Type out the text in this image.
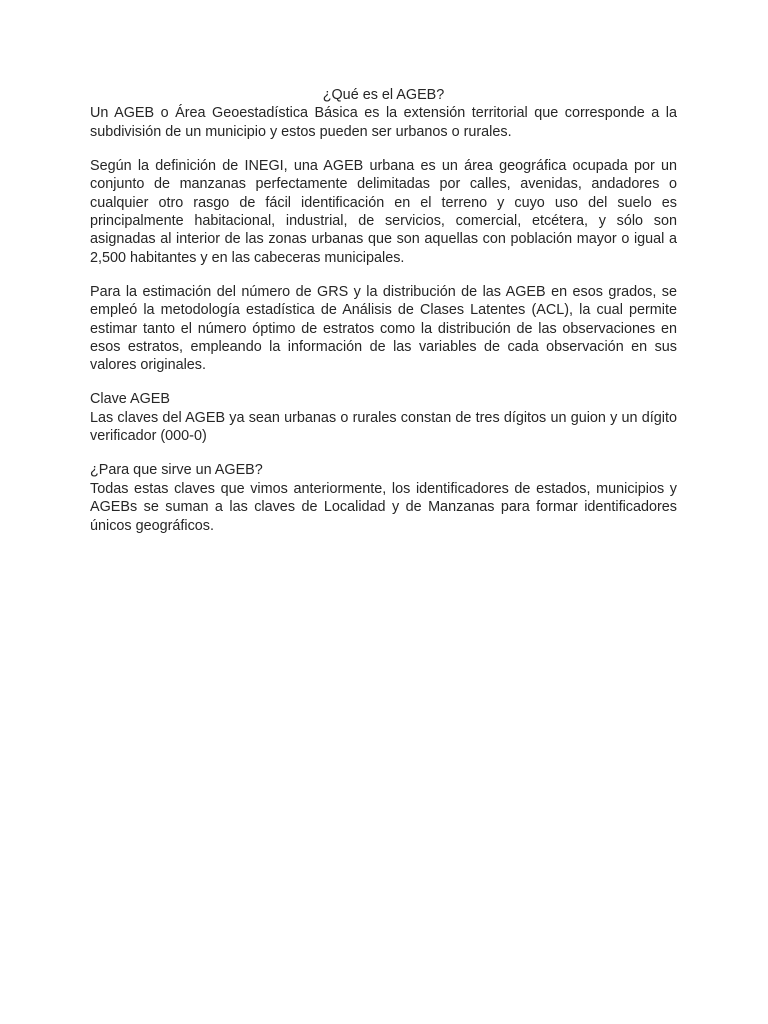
¿Qué es el AGEB?

Un AGEB o Área Geoestadística Básica es la extensión territorial que corresponde a la
subdivisión de un municipio y estos pueden ser urbanos o rurales.

Según la definición de INEGI, una AGEB urbana es un área geográfica ocupada por un
conjunto de manzanas perfectamente delimitadas por calles, avenidas, andadores o
cualquier otro rasgo de fácil identificación en el terreno y cuyo uso del suelo es
principalmente habitacional, industrial, de servicios, comercial, etcétera, y sólo son
asignadas al interior de las zonas urbanas que son aquellas con población mayor o igual a
2,500 habitantes y en las cabeceras municipales.

Para la estimación del número de GRS y la distribución de las AGEB en esos grados, se
empleó la metodología estadística de Análisis de Clases Latentes (ACL), la cual permite
estimar tanto el número óptimo de estratos como la distribución de las observaciones en
esos estratos, empleando la información de las variables de cada observación en sus
valores originales.

Clave AGEB
Las claves del AGEB ya sean urbanas o rurales constan de tres dígitos un guion y un dígito
verificador (000-0)

¿Para que sirve un AGEB?
Todas estas claves que vimos anteriormente, los identificadores de estados, municipios y
AGEBs se suman a las claves de Localidad y de Manzanas para formar identificadores
únicos geográficos.
